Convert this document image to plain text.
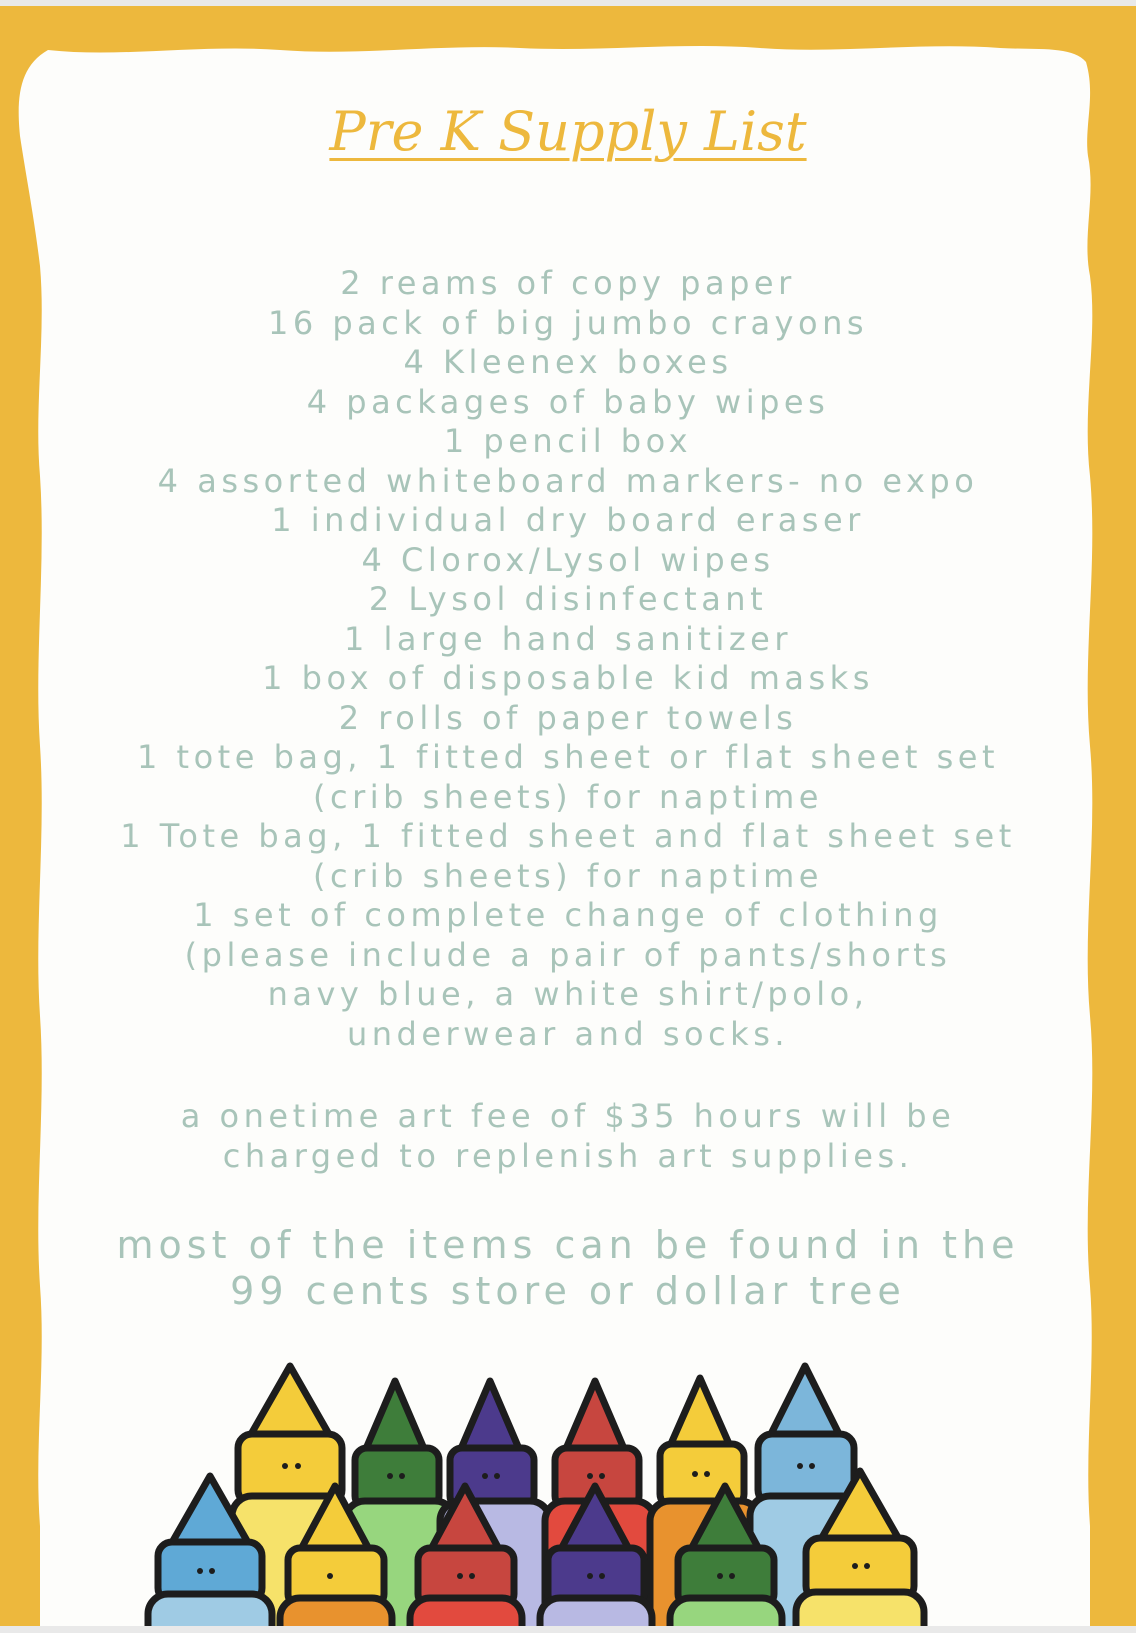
Pre K Supply List
2 reams of copy paper
16 pack of big jumbo crayons
4 Kleenex boxes
4 packages of baby wipes
1 pencil box
4 assorted whiteboard markers- no expo
1 individual dry board eraser
4 Clorox/Lysol wipes
2 Lysol disinfectant
1 large hand sanitizer
1 box of disposable kid masks
2 rolls of paper towels
1 tote bag, 1 fitted sheet or flat sheet set
(crib sheets) for naptime
1 Tote bag, 1 fitted sheet and flat sheet set
(crib sheets) for naptime
1 set of complete change of clothing
(please include a pair of pants/shorts
navy blue, a white shirt/polo,
underwear and socks.
a onetime art fee of $35 hours will be
charged to replenish art supplies.
most of the items can be found in the
99 cents store or dollar tree
